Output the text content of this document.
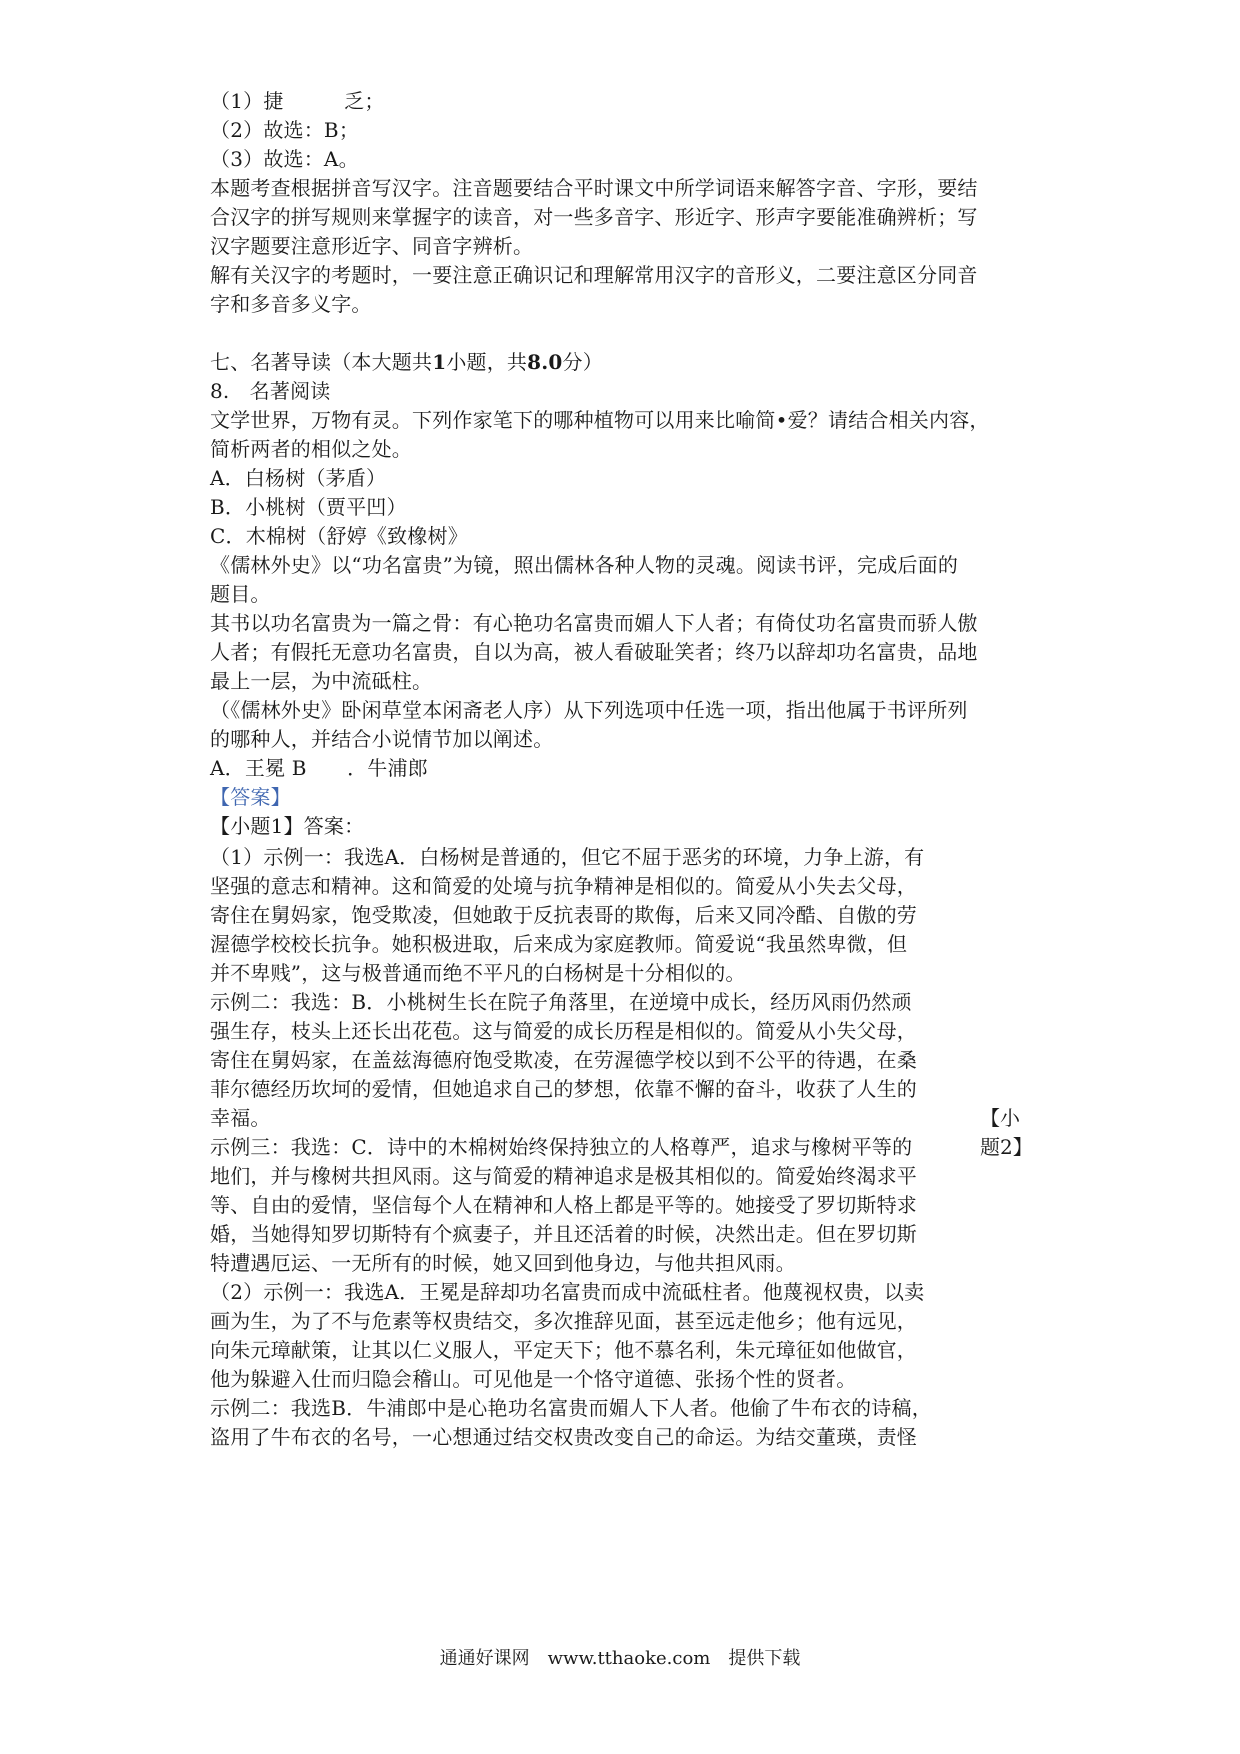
（1）捷　　　乏；
（2）故选：B；
（3）故选：A。
本题考查根据拼音写汉字。注音题要结合平时课文中所学词语来解答字音、字形，要结
合汉字的拼写规则来掌握字的读音，对一些多音字、形近字、形声字要能准确辨析；写
汉字题要注意形近字、同音字辨析。
解有关汉字的考题时，一要注意正确识记和理解常用汉字的音形义，二要注意区分同音
字和多音多义字。
七、名著导读（本大题共1小题，共8.0分）
8.　名著阅读
文学世界，万物有灵。下列作家笔下的哪种植物可以用来比喻简•爱？请结合相关内容，
简析两者的相似之处。
A．白杨树（茅盾）
B．小桃树（贾平凹）
C．木棉树（舒婷《致橡树》
《儒林外史》以“功名富贵”为镜，照出儒林各种人物的灵魂。阅读书评，完成后面的
题目。
其书以功名富贵为一篇之骨：有心艳功名富贵而媚人下人者；有倚仗功名富贵而骄人傲
人者；有假托无意功名富贵，自以为高，被人看破耻笑者；终乃以辞却功名富贵，品地
最上一层，为中流砥柱。
（《儒林外史》卧闲草堂本闲斋老人序）从下列选项中任选一项，指出他属于书评所列
的哪种人，并结合小说情节加以阐述。
A．王冕 B　　．牛浦郎
【答案】
【小题1】答案：
（1）示例一：我选A．白杨树是普通的，但它不屈于恶劣的环境，力争上游，有
坚强的意志和精神。这和简爱的处境与抗争精神是相似的。简爱从小失去父母，
寄住在舅妈家，饱受欺凌，但她敢于反抗表哥的欺侮，后来又同冷酷、自傲的劳
渥德学校校长抗争。她积极进取，后来成为家庭教师。简爱说“我虽然卑微，但
并不卑贱”，这与极普通而绝不平凡的白杨树是十分相似的。
示例二：我选：B．小桃树生长在院子角落里，在逆境中成长，经历风雨仍然顽
强生存，枝头上还长出花苞。这与简爱的成长历程是相似的。简爱从小失父母，
寄住在舅妈家，在盖兹海德府饱受欺凌，在劳渥德学校以到不公平的待遇，在桑
菲尔德经历坎坷的爱情，但她追求自己的梦想，依靠不懈的奋斗，收获了人生的
幸福。
示例三：我选：C．诗中的木棉树始终保持独立的人格尊严，追求与橡树平等的
地们，并与橡树共担风雨。这与简爱的精神追求是极其相似的。简爱始终渴求平
等、自由的爱情，坚信每个人在精神和人格上都是平等的。她接受了罗切斯特求
婚，当她得知罗切斯特有个疯妻子，并且还活着的时候，决然出走。但在罗切斯
特遭遇厄运、一无所有的时候，她又回到他身边，与他共担风雨。
（2）示例一：我选A．王冕是辞却功名富贵而成中流砥柱者。他蔑视权贵，以卖
画为生，为了不与危素等权贵结交，多次推辞见面，甚至远走他乡；他有远见，
向朱元璋献策，让其以仁义服人，平定天下；他不慕名利，朱元璋征如他做官，
他为躲避入仕而归隐会稽山。可见他是一个恪守道德、张扬个性的贤者。
示例二：我选B．牛浦郎中是心艳功名富贵而媚人下人者。他偷了牛布衣的诗稿，
盗用了牛布衣的名号，一心想通过结交权贵改变自己的命运。为结交董瑛，责怪
【小
题2】
通通好课网　www.tthaoke.com　提供下载
